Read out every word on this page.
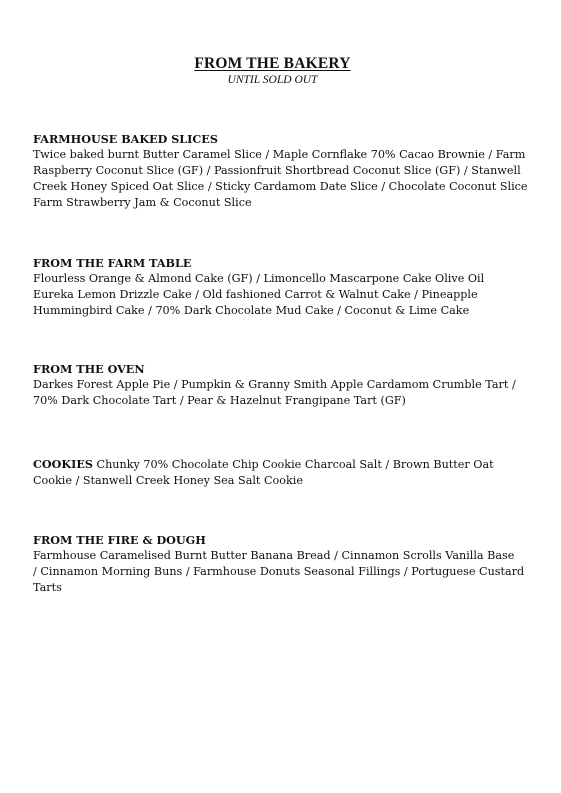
FROM THE BAKERY
UNTIL SOLD OUT
FARMHOUSE BAKED SLICES
Twice baked burnt Butter Caramel Slice / Maple Cornflake 70% Cacao Brownie / Farm
Raspberry Coconut Slice (GF) / Passionfruit Shortbread Coconut Slice (GF) / Stanwell
Creek Honey Spiced Oat Slice / Sticky Cardamom Date Slice / Chocolate Coconut Slice
Farm Strawberry Jam & Coconut Slice
FROM THE FARM TABLE
Flourless Orange & Almond Cake (GF) / Limoncello Mascarpone Cake Olive Oil
Eureka Lemon Drizzle Cake / Old fashioned Carrot & Walnut Cake / Pineapple
Hummingbird Cake / 70% Dark Chocolate Mud Cake / Coconut & Lime Cake
FROM THE OVEN
Darkes Forest Apple Pie / Pumpkin & Granny Smith Apple Cardamom Crumble Tart /
70% Dark Chocolate Tart / Pear & Hazelnut Frangipane Tart (GF)
COOKIES Chunky 70% Chocolate Chip Cookie Charcoal Salt / Brown Butter Oat
Cookie / Stanwell Creek Honey Sea Salt Cookie
FROM THE FIRE & DOUGH
Farmhouse Caramelised Burnt Butter Banana Bread / Cinnamon Scrolls Vanilla Base
/ Cinnamon Morning Buns / Farmhouse Donuts Seasonal Fillings / Portuguese Custard
Tarts
